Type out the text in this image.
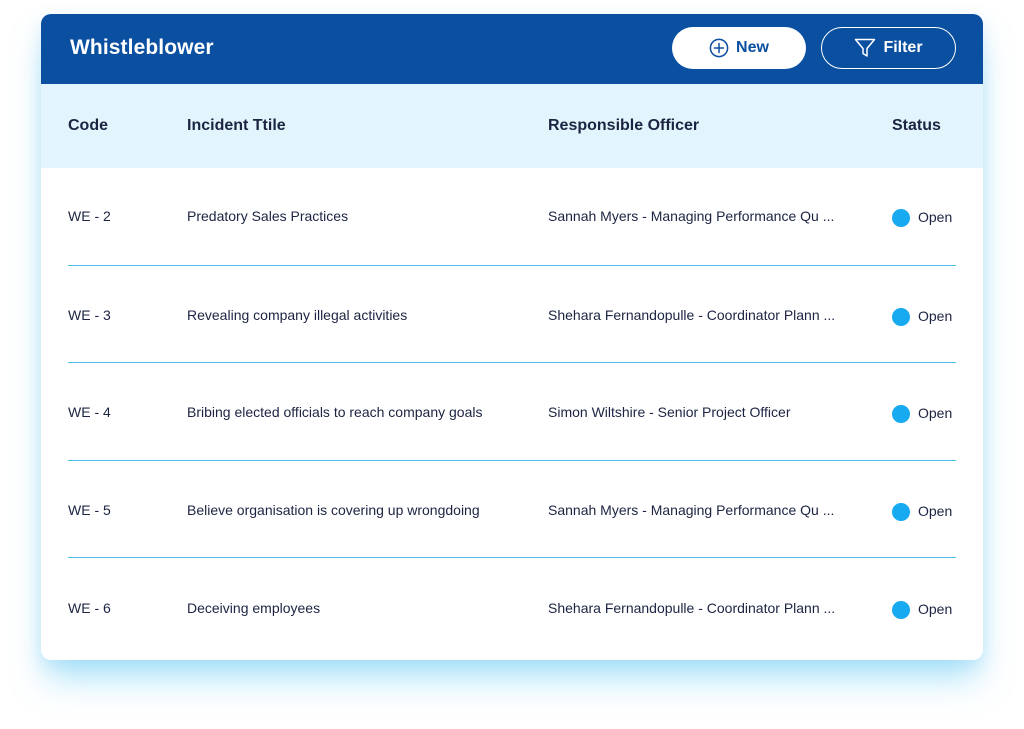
Whistleblower	New	Filter
Code	Incident Ttile	Responsible Officer	Status
WE - 2	Predatory Sales Practices	Sannah Myers - Managing Performance Qu ...	Open
WE - 3	Revealing company illegal activities	Shehara Fernandopulle - Coordinator Plann ...	Open
WE - 4	Bribing elected officials to reach company goals	Simon Wiltshire - Senior Project Officer	Open
WE - 5	Believe organisation is covering up wrongdoing	Sannah Myers - Managing Performance Qu ...	Open
WE - 6	Deceiving employees	Shehara Fernandopulle - Coordinator Plann ...	Open
